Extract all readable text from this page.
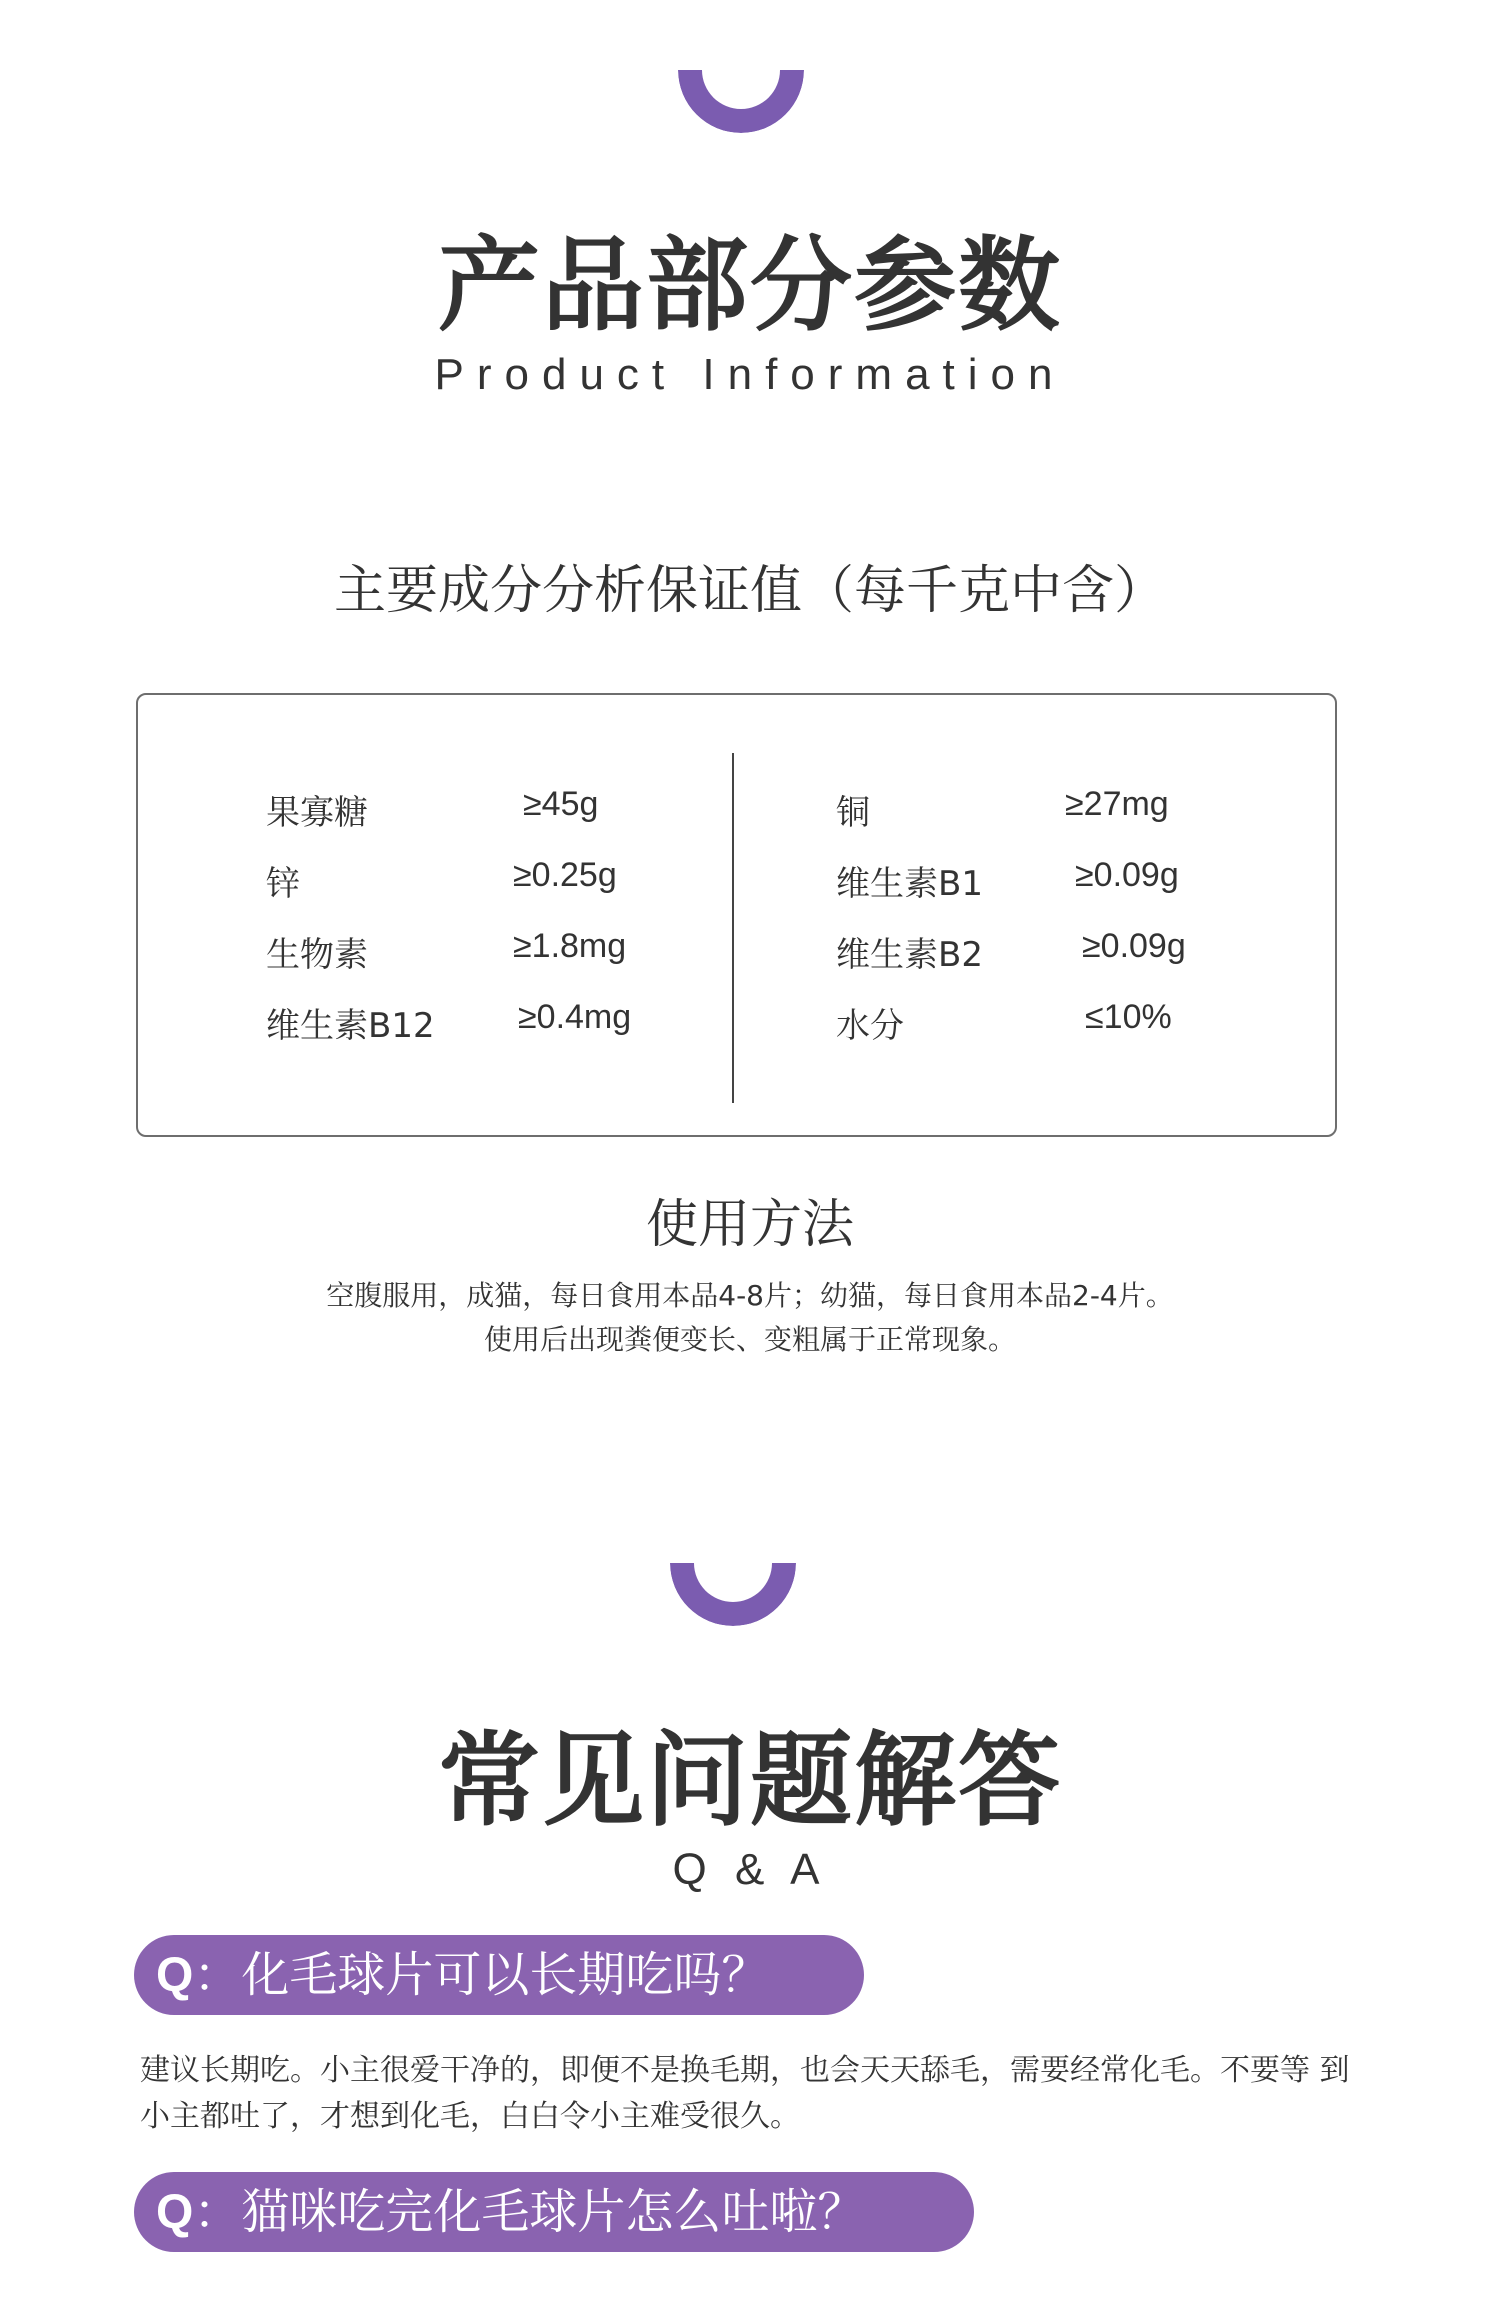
产品部分参数
Product Information
主要成分分析保证值（每千克中含）
果寡糖	≥45g
锌	≥0.25g
生物素	≥1.8mg
维生素B12 ≥0.4mg
铜	≥27mg
维生素B1	≥0.09g
维生素B2	≥0.09g
水分	≤10%
使用方法
空腹服用，成猫，每日食用本品4-8片；幼猫，每日食用本品2-4片。
使用后出现粪便变长、变粗属于正常现象。
常见问题解答
Q & A
Q：化毛球片可以长期吃吗？
建议长期吃。小主很爱干净的，即便不是换毛期，也会天天舔毛，需要经常化毛。不要等 到小主都吐了，才想到化毛，白白令小主难受很久。
Q：猫咪吃完化毛球片怎么吐啦？
